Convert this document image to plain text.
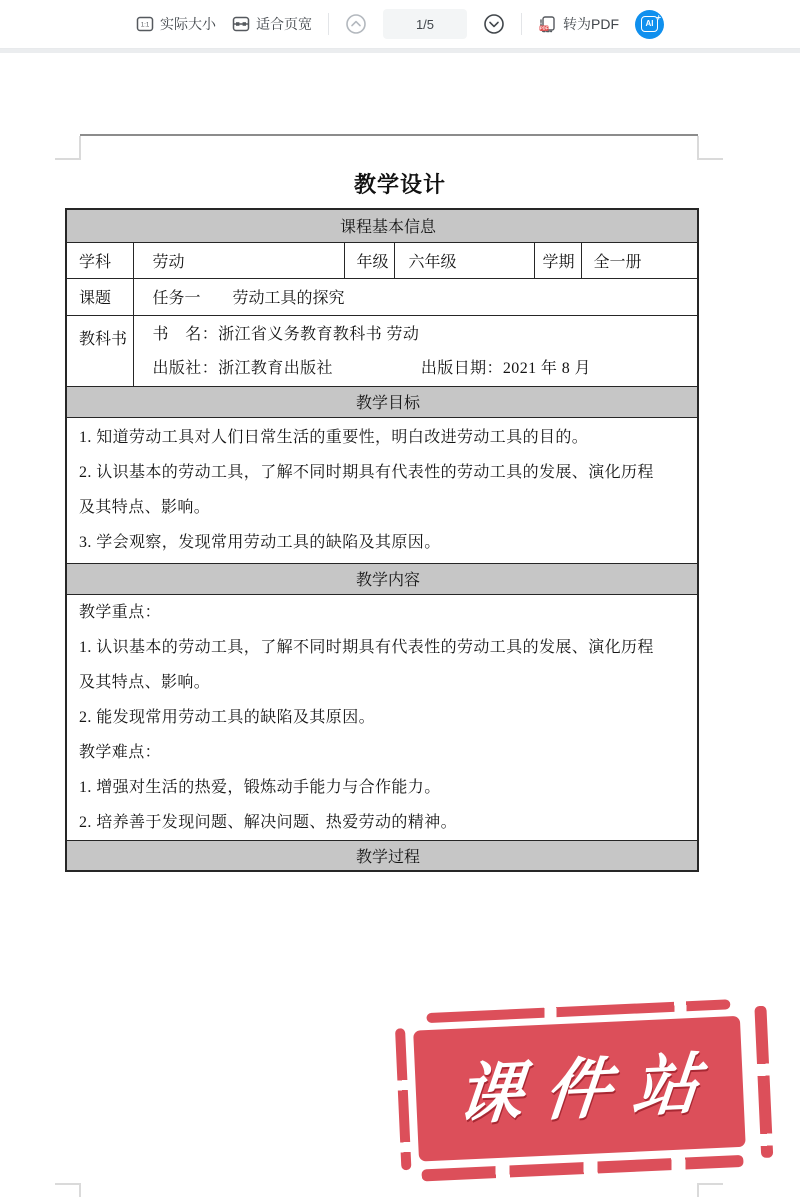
1:1 实际大小	适合页宽	1/5	PDF 转为PDF	AI
+
教学设计
课程基本信息					
学科	劳动	年级	六年级	学期	全一册
课题	任务一　　劳动工具的探究				
教科书	书　名：浙江省义务教育教科书 劳动
出版社：浙江教育出版社 出版日期：2021 年 8 月				

教学目标					

1. 知道劳动工具对人们日常生活的重要性，明白改进劳动工具的目的。
2. 认识基本的劳动工具，了解不同时期具有代表性的劳动工具的发展、演化历程
及其特点、影响。
3. 学会观察，发现常用劳动工具的缺陷及其原因。					

教学内容					

教学重点：
1. 认识基本的劳动工具，了解不同时期具有代表性的劳动工具的发展、演化历程
及其特点、影响。
2. 能发现常用劳动工具的缺陷及其原因。
教学难点：
1. 增强对生活的热爱，锻炼动手能力与合作能力。
2. 培养善于发现问题、解决问题、热爱劳动的精神。

教学过程					
课件站
